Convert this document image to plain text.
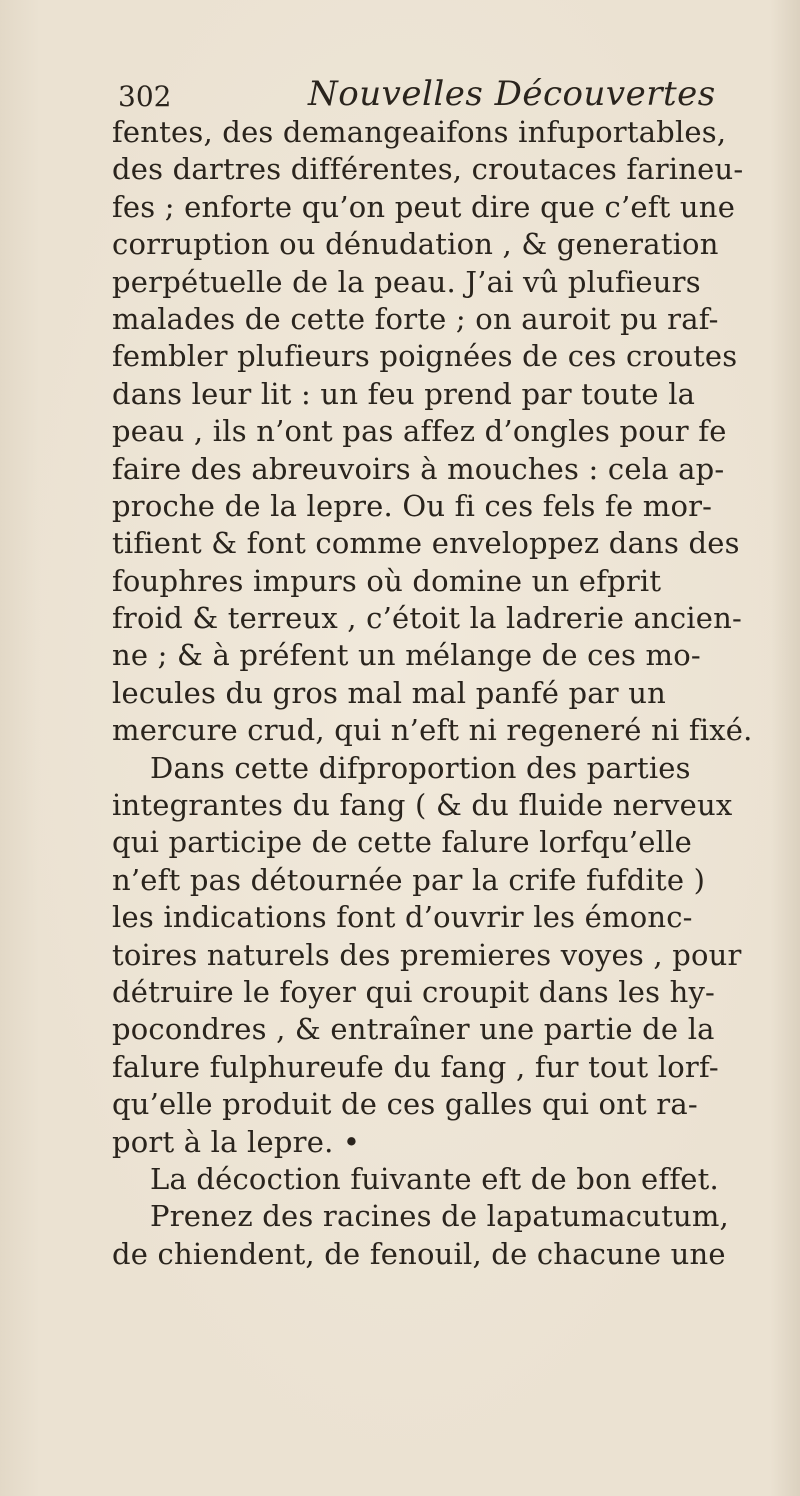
302	Nouvelles Découvertes
fentes, des demangeaifons infuportables,
des dartres différentes, croutaces farineu-
fes ; enforte qu’on peut dire que c’eft une
corruption ou dénudation , & generation
perpétuelle de la peau. J’ai vû plufieurs
malades de cette forte ; on auroit pu raf-
fembler plufieurs poignées de ces croutes
dans leur lit : un feu prend par toute la
peau , ils n’ont pas affez d’ongles pour fe
faire des abreuvoirs à mouches : cela ap-
proche de la lepre. Ou fi ces fels fe mor-
tifient & font comme enveloppez dans des
fouphres impurs où domine un efprit
froid & terreux , c’étoit la ladrerie ancien-
ne ; & à préfent un mélange de ces mo-
lecules du gros mal mal panfé par un
mercure crud, qui n’eft ni regeneré ni fixé.
Dans cette difproportion des parties
integrantes du fang ( & du fluide nerveux
qui participe de cette falure lorfqu’elle
n’eft pas détournée par la crife fufdite )
les indications font d’ouvrir les émonc-
toires naturels des premieres voyes , pour
détruire le foyer qui croupit dans les hy-
pocondres , & entraîner une partie de la
falure fulphureufe du fang , fur tout lorf-
qu’elle produit de ces galles qui ont ra-
port à la lepre. •
La décoction fuivante eft de bon effet.
Prenez des racines de lapatumacutum,
de chiendent, de fenouil, de chacune une
